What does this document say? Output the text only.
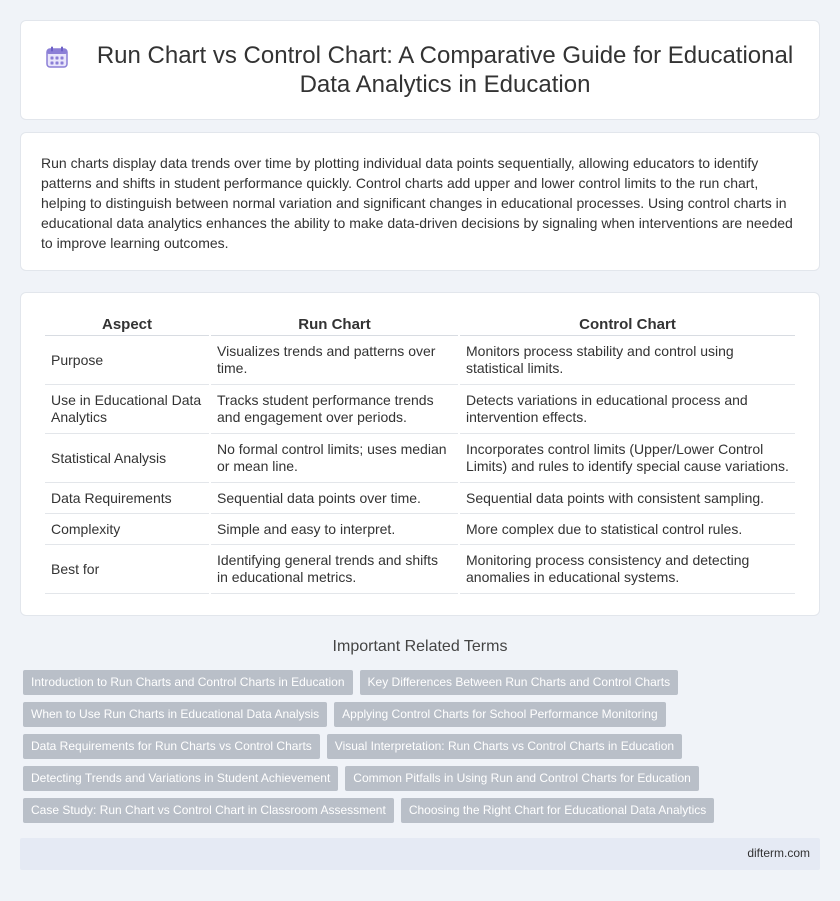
Run Chart vs Control Chart: A Comparative Guide for Educational Data Analytics in Education

Run charts display data trends over time by plotting individual data points sequentially, allowing educators to identify patterns and shifts in student performance quickly. Control charts add upper and lower control limits to the run chart, helping to distinguish between normal variation and significant changes in educational processes. Using control charts in educational data analytics enhances the ability to make data-driven decisions by signaling when interventions are needed to improve learning outcomes.

Aspect	Run Chart	Control Chart
Purpose	Visualizes trends and patterns over time.	Monitors process stability and control using statistical limits.
Use in Educational Data Analytics	Tracks student performance trends and engagement over periods.	Detects variations in educational process and intervention effects.
Statistical Analysis	No formal control limits; uses median or mean line.	Incorporates control limits (Upper/Lower Control Limits) and rules to identify special cause variations.
Data Requirements	Sequential data points over time.	Sequential data points with consistent sampling.
Complexity	Simple and easy to interpret.	More complex due to statistical control rules.
Best for	Identifying general trends and shifts in educational metrics.	Monitoring process consistency and detecting anomalies in educational systems.
Important Related Terms
Introduction to Run Charts and Control Charts in Education	Key Differences Between Run Charts and Control Charts
When to Use Run Charts in Educational Data Analysis	Applying Control Charts for School Performance Monitoring
Data Requirements for Run Charts vs Control Charts	Visual Interpretation: Run Charts vs Control Charts in Education
Detecting Trends and Variations in Student Achievement	Common Pitfalls in Using Run and Control Charts for Education
Case Study: Run Chart vs Control Chart in Classroom Assessment	Choosing the Right Chart for Educational Data Analytics
difterm.com
